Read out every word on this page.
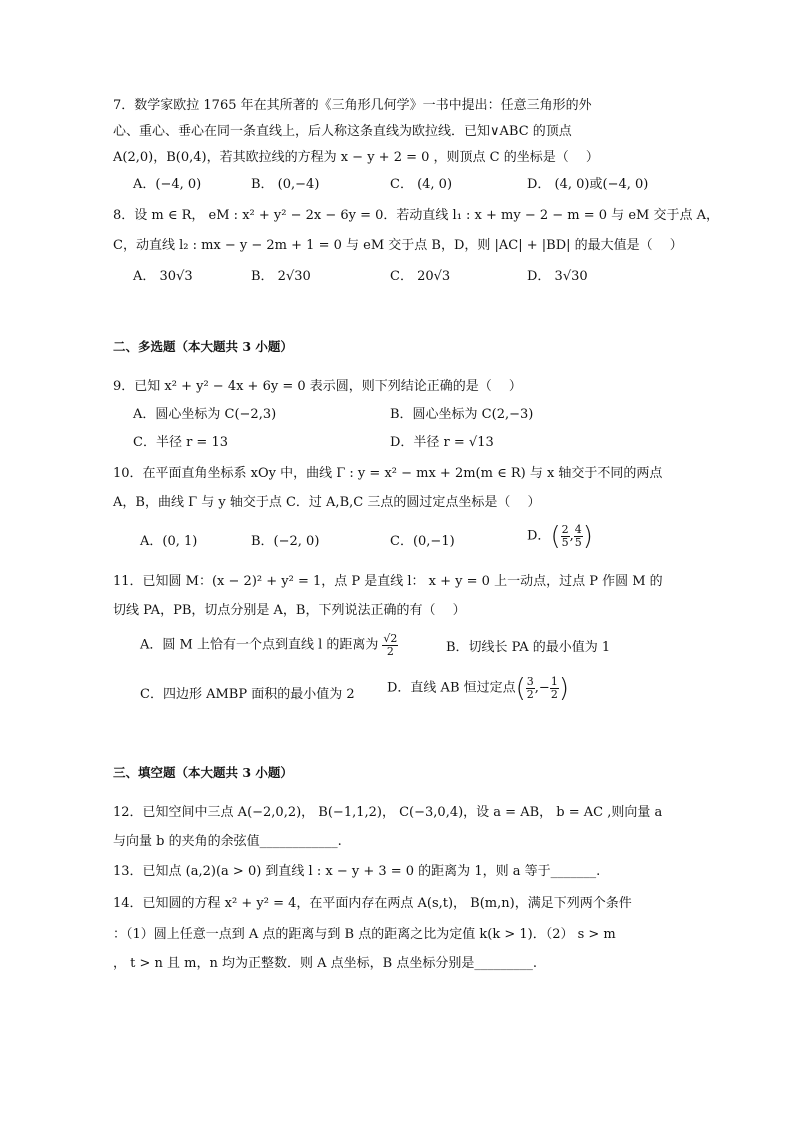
7．数学家欧拉 1765 年在其所著的《三角形几何学》一书中提出：任意三角形的外
心、重心、垂心在同一条直线上，后人称这条直线为欧拉线．已知∨ABC 的顶点
A(2,0)，B(0,4)，若其欧拉线的方程为 x − y + 2 = 0 ，则顶点 C 的坐标是（　 ）
A．(−4, 0)	B． (0,−4)	C． (4, 0)	D． (4, 0)或(−4, 0)
8．设 m ∈ R， eM : x² + y² − 2x − 6y = 0．若动直线 l₁ : x + my − 2 − m = 0 与 eM 交于点 A，
C，动直线 l₂ : mx − y − 2m + 1 = 0 与 eM 交于点 B，D，则 |AC| + |BD| 的最大值是（　 ）
A． 30√3	B． 2√30	C． 20√3	D． 3√30
二、多选题（本大题共 3 小题）
9．已知 x² + y² − 4x + 6y = 0 表示圆，则下列结论正确的是（　 ）
A．圆心坐标为 C(−2,3)	B．圆心坐标为 C(2,−3)
C．半径 r = 13	D．半径 r = √13
10．在平面直角坐标系 xOy 中，曲线 Γ : y = x² − mx + 2m(m ∈ R) 与 x 轴交于不同的两点
A，B，曲线 Γ 与 y 轴交于点 C．过 A,B,C 三点的圆过定点坐标是（　 ）
A．(0, 1)	B．(−2, 0)	C．(0,−1)	D．( $\frac{2}{5}$ , $\frac{4}{5}$ )
11．已知圆 M：(x − 2)² + y² = 1，点 P 是直线 l： x + y = 0 上一动点，过点 P 作圆 M 的
切线 PA，PB，切点分别是 A，B，下列说法正确的有（　 ）
A．圆 M 上恰有一个点到直线 l 的距离为 $\frac{√2}{2}$	B．切线长 PA 的最小值为 1
C．四边形 AMBP 面积的最小值为 2 D．直线 AB 恒过定点( $\frac{3}{2}$ ,− $\frac{1}{2}$ )
三、填空题（本大题共 3 小题）
12．已知空间中三点 A(−2,0,2)， B(−1,1,2)， C(−3,0,4)，设 a = AB， b = AC ,则向量 a
与向量 b 的夹角的余弦值____________.
13．已知点 (a,2)(a > 0) 到直线 l : x − y + 3 = 0 的距离为 1，则 a 等于_______.
14．已知圆的方程 x² + y² = 4，在平面内存在两点 A(s,t)， B(m,n)，满足下列两个条件
：（1）圆上任意一点到 A 点的距离与到 B 点的距离之比为定值 k(k > 1)．（2） s > m
， t > n 且 m，n 均为正整数．则 A 点坐标，B 点坐标分别是_________.
